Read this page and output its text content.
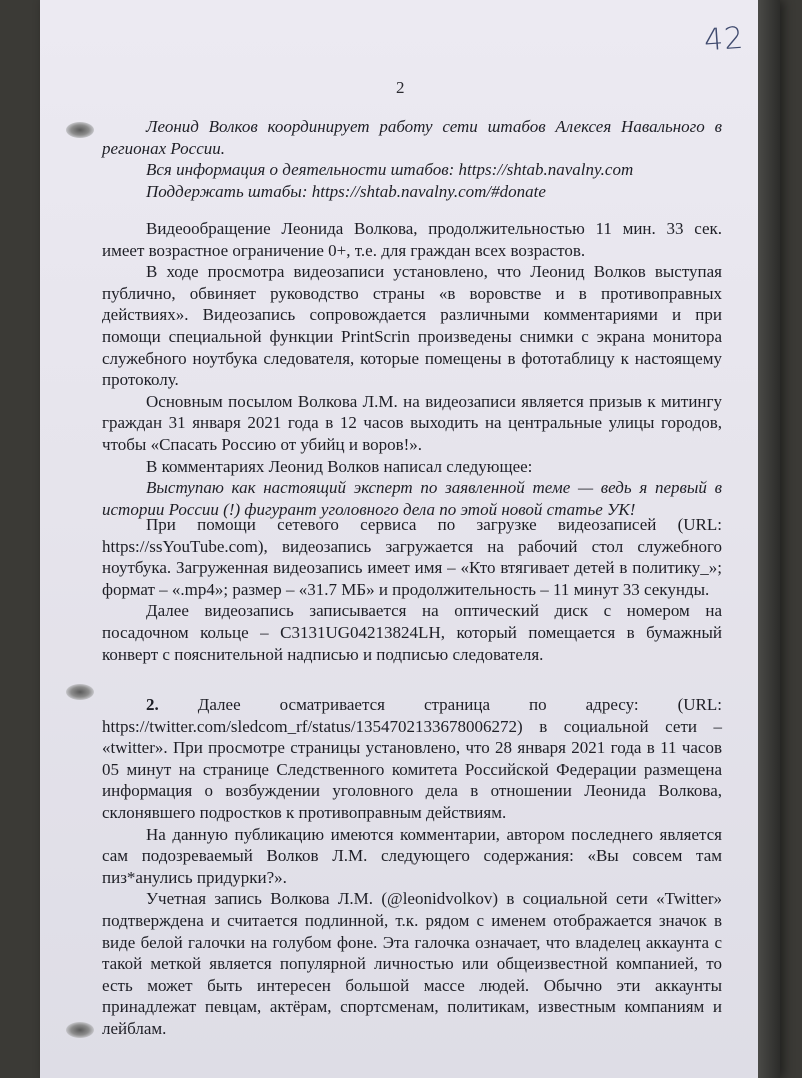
42
2

Леонид Волков координирует работу сети штабов Алексея Навального в регионах России.

Вся информация о деятельности штабов: https://shtab.navalny.com

Поддержать штабы: https://shtab.navalny.com/#donate

Видеообращение Леонида Волкова, продолжительностью 11 мин. 33 сек. имеет возрастное ограничение 0+, т.е. для граждан всех возрастов.

В ходе просмотра видеозаписи установлено, что Леонид Волков выступая публично, обвиняет руководство страны «в воровстве и в противоправных действиях». Видеозапись сопровождается различными комментариями и при помощи специальной функции PrintScrin произведены снимки с экрана монитора служебного ноутбука следователя, которые помещены в фототаблицу к настоящему протоколу.

Основным посылом Волкова Л.М. на видеозаписи является призыв к митингу граждан 31 января 2021 года в 12 часов выходить на центральные улицы городов, чтобы «Спасать Россию от убийц и воров!».

В комментариях Леонид Волков написал следующее:

Выступаю как настоящий эксперт по заявленной теме — ведь я первый в истории России (!) фигурант уголовного дела по этой новой статье УК!

При помощи сетевого сервиса по загрузке видеозаписей (URL: https://ssYouTube.com), видеозапись загружается на рабочий стол служебного ноутбука. Загруженная видеозапись имеет имя – «Кто втягивает детей в политику_»; формат – «.mp4»; размер – «31.7 МБ» и продолжительность – 11 минут 33 секунды.

Далее видеозапись записывается на оптический диск с номером на посадочном кольце – C3131UG04213824LH, который помещается в бумажный конверт с пояснительной надписью и подписью следователя.

2. Далее осматривается страница по адресу: (URL: https://twitter.com/sledcom_rf/status/1354702133678006272) в социальной сети – «twitter». При просмотре страницы установлено, что 28 января 2021 года в 11 часов 05 минут на странице Следственного комитета Российской Федерации размещена информация о возбуждении уголовного дела в отношении Леонида Волкова, склонявшего подростков к противоправным действиям.

На данную публикацию имеются комментарии, автором последнего является сам подозреваемый Волков Л.М. следующего содержания: «Вы совсем там пиз*анулись придурки?».

Учетная запись Волкова Л.М. (@leonidvolkov) в социальной сети «Twitter» подтверждена и считается подлинной, т.к. рядом с именем отображается значок в виде белой галочки на голубом фоне. Эта галочка означает, что владелец аккаунта с такой меткой является популярной личностью или общеизвестной компанией, то есть может быть интересен большой массе людей. Обычно эти аккаунты принадлежат певцам, актёрам, спортсменам, политикам, известным компаниям и лейблам.
